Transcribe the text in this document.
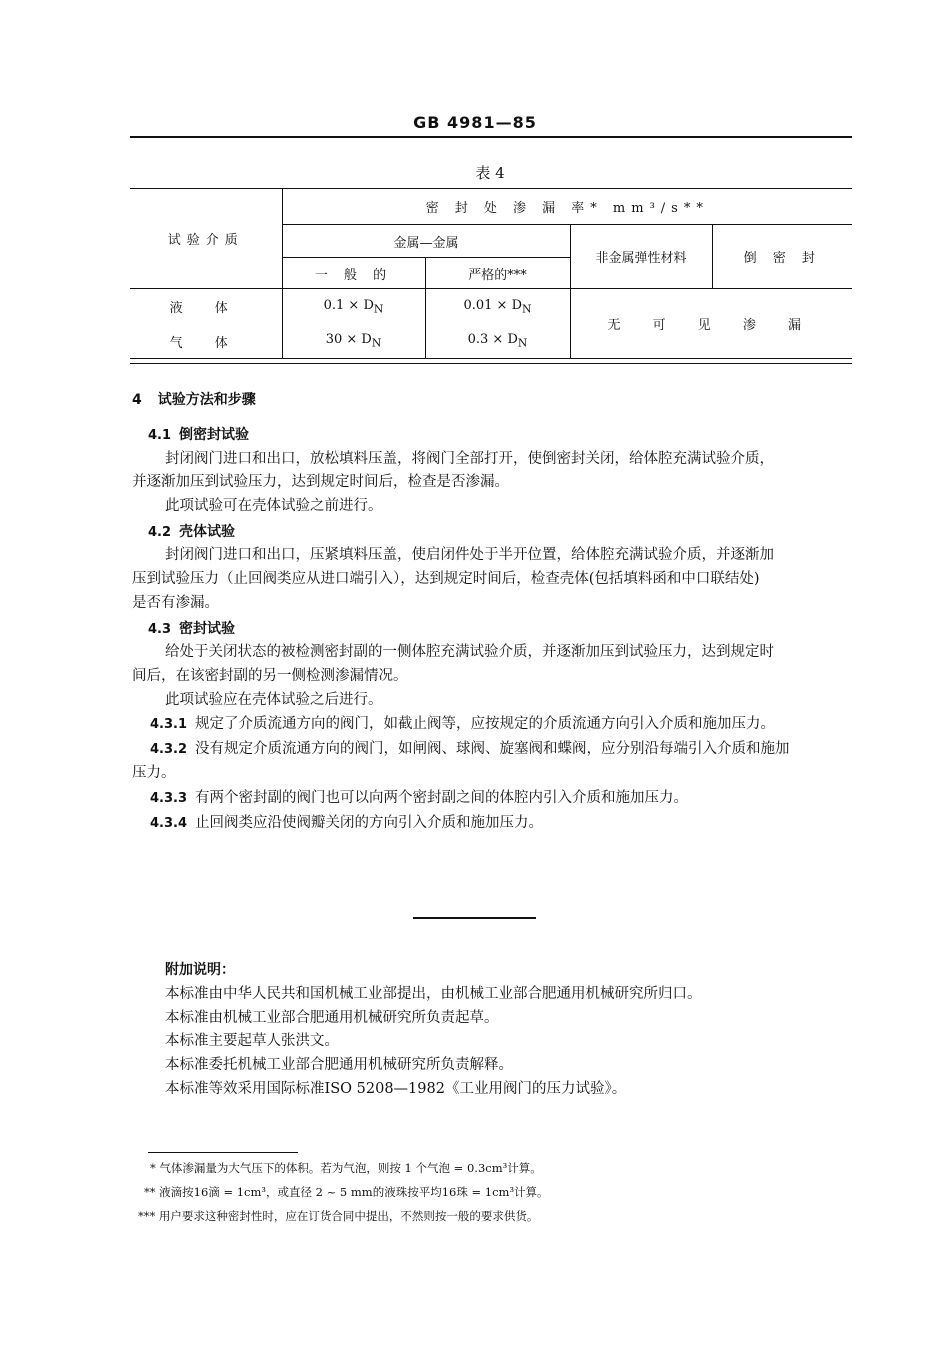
GB 4981—85
表 4
试验介质	密 封 处 渗 漏 率* mm³/s**			
	金属—金属		非金属弹性材料	倒 密 封
	一 般 的	严格的***		
液 体	$0.1 \times D_N$	$0.01 \times D_N$	无 可 见 渗 漏	
气 体	$30 \times D_N$	$0.3 \times D_N$
4 试验方法和步骤
4.1 倒密封试验
封闭阀门进口和出口，放松填料压盖，将阀门全部打开，使倒密封关闭，给体腔充满试验介质，
并逐渐加压到试验压力，达到规定时间后，检查是否渗漏。
此项试验可在壳体试验之前进行。
4.2 壳体试验
封闭阀门进口和出口，压紧填料压盖，使启闭件处于半开位置，给体腔充满试验介质，并逐渐加
压到试验压力（止回阀类应从进口端引入），达到规定时间后，检查壳体(包括填料函和中口联结处)
是否有渗漏。
4.3 密封试验
给处于关闭状态的被检测密封副的一侧体腔充满试验介质，并逐渐加压到试验压力，达到规定时
间后，在该密封副的另一侧检测渗漏情况。
此项试验应在壳体试验之后进行。
4.3.1 规定了介质流通方向的阀门，如截止阀等，应按规定的介质流通方向引入介质和施加压力。
4.3.2 没有规定介质流通方向的阀门，如闸阀、球阀、旋塞阀和蝶阀，应分别沿每端引入介质和施加
压力。
4.3.3 有两个密封副的阀门也可以向两个密封副之间的体腔内引入介质和施加压力。
4.3.4 止回阀类应沿使阀瓣关闭的方向引入介质和施加压力。
附加说明：
本标准由中华人民共和国机械工业部提出，由机械工业部合肥通用机械研究所归口。
本标准由机械工业部合肥通用机械研究所负责起草。
本标准主要起草人张洪文。
本标准委托机械工业部合肥通用机械研究所负责解释。
本标准等效采用国际标准ISO 5208—1982《工业用阀门的压力试验》。
* 气体渗漏量为大气压下的体积。若为气泡，则按 1 个气泡 = 0.3cm³计算。
** 液滴按16滴 = 1cm³，或直径 2 ~ 5 mm的液珠按平均16珠 = 1cm³计算。
*** 用户要求这种密封性时，应在订货合同中提出，不然则按一般的要求供货。
